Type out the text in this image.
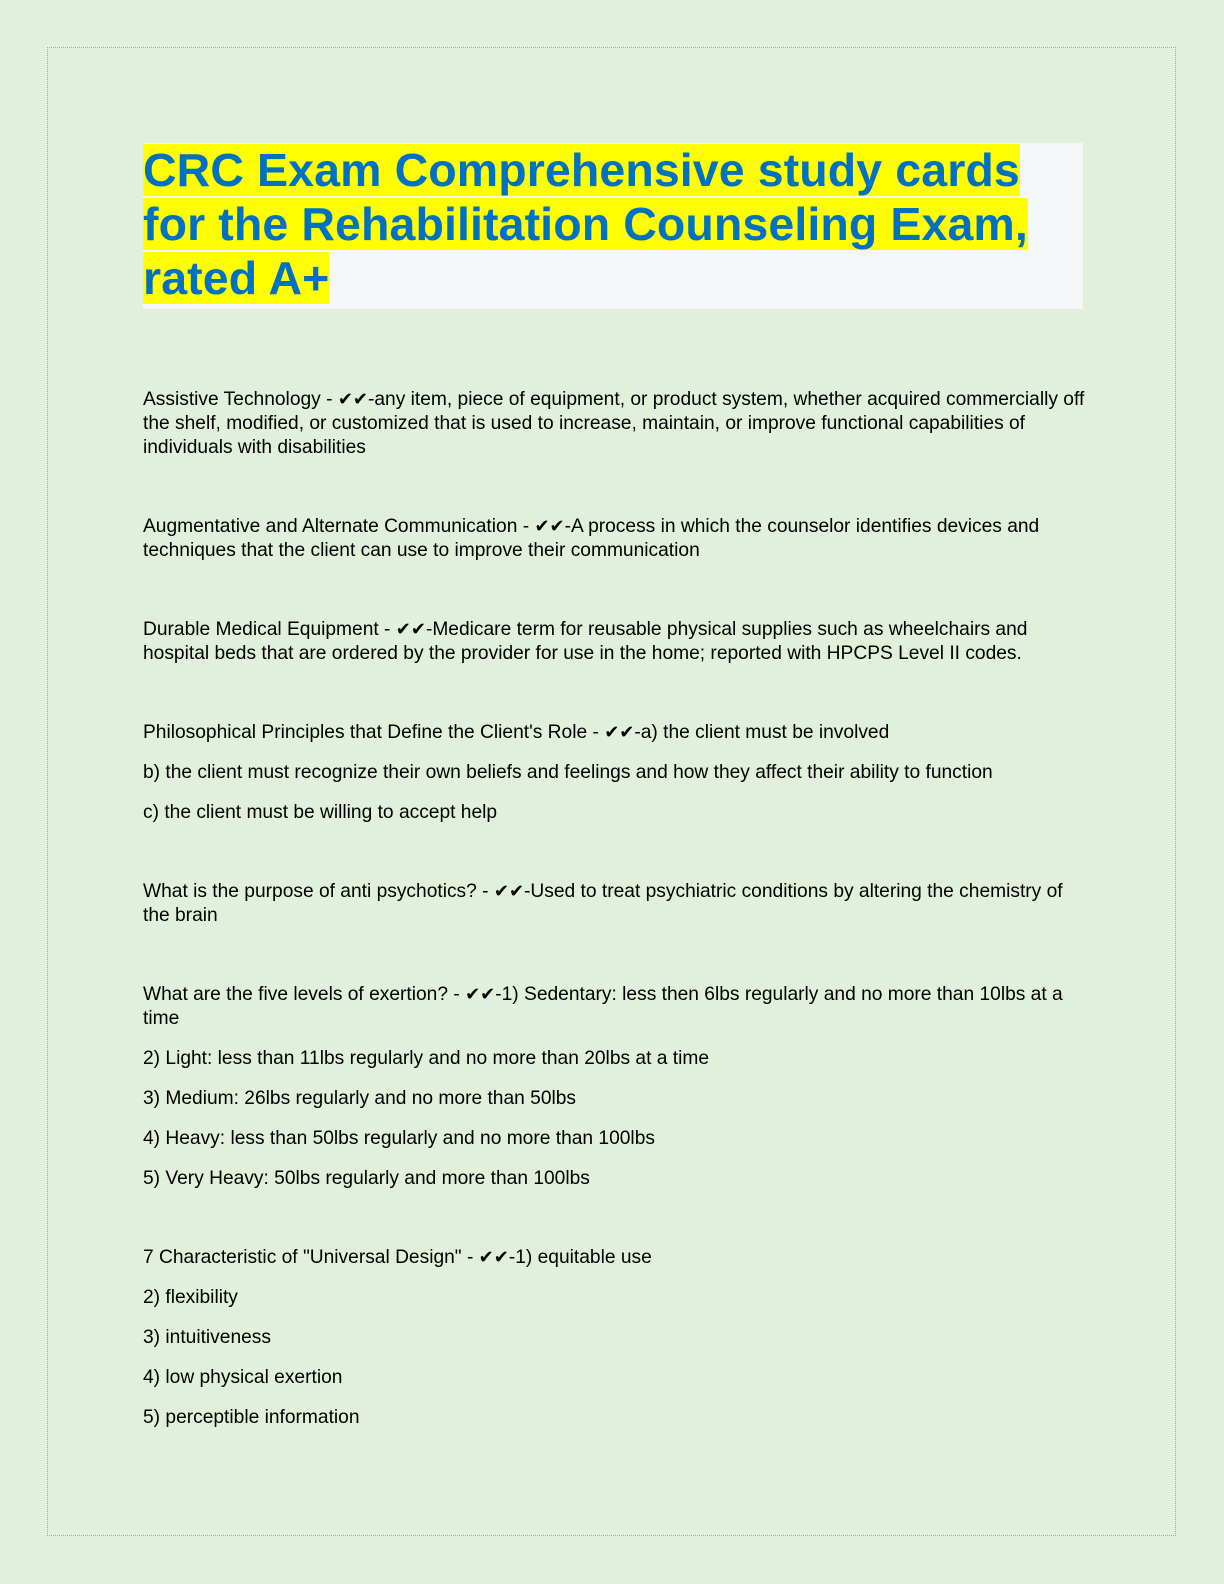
CRC Exam Comprehensive study cards
for the Rehabilitation Counseling Exam,
rated A+

Assistive Technology - ✔✔-any item, piece of equipment, or product system, whether acquired commercially off the shelf, modified, or customized that is used to increase, maintain, or improve functional capabilities of individuals with disabilities

Augmentative and Alternate Communication - ✔✔-A process in which the counselor identifies devices and techniques that the client can use to improve their communication

Durable Medical Equipment - ✔✔-Medicare term for reusable physical supplies such as wheelchairs and hospital beds that are ordered by the provider for use in the home; reported with HPCPS Level II codes.

Philosophical Principles that Define the Client's Role - ✔✔-a) the client must be involved

b) the client must recognize their own beliefs and feelings and how they affect their ability to function

c) the client must be willing to accept help

What is the purpose of anti psychotics? - ✔✔-Used to treat psychiatric conditions by altering the chemistry of the brain

What are the five levels of exertion? - ✔✔-1) Sedentary: less then 6lbs regularly and no more than 10lbs at a time

2) Light: less than 11lbs regularly and no more than 20lbs at a time

3) Medium: 26lbs regularly and no more than 50lbs

4) Heavy: less than 50lbs regularly and no more than 100lbs

5) Very Heavy: 50lbs regularly and more than 100lbs

7 Characteristic of "Universal Design" - ✔✔-1) equitable use

2) flexibility

3) intuitiveness

4) low physical exertion

5) perceptible information
